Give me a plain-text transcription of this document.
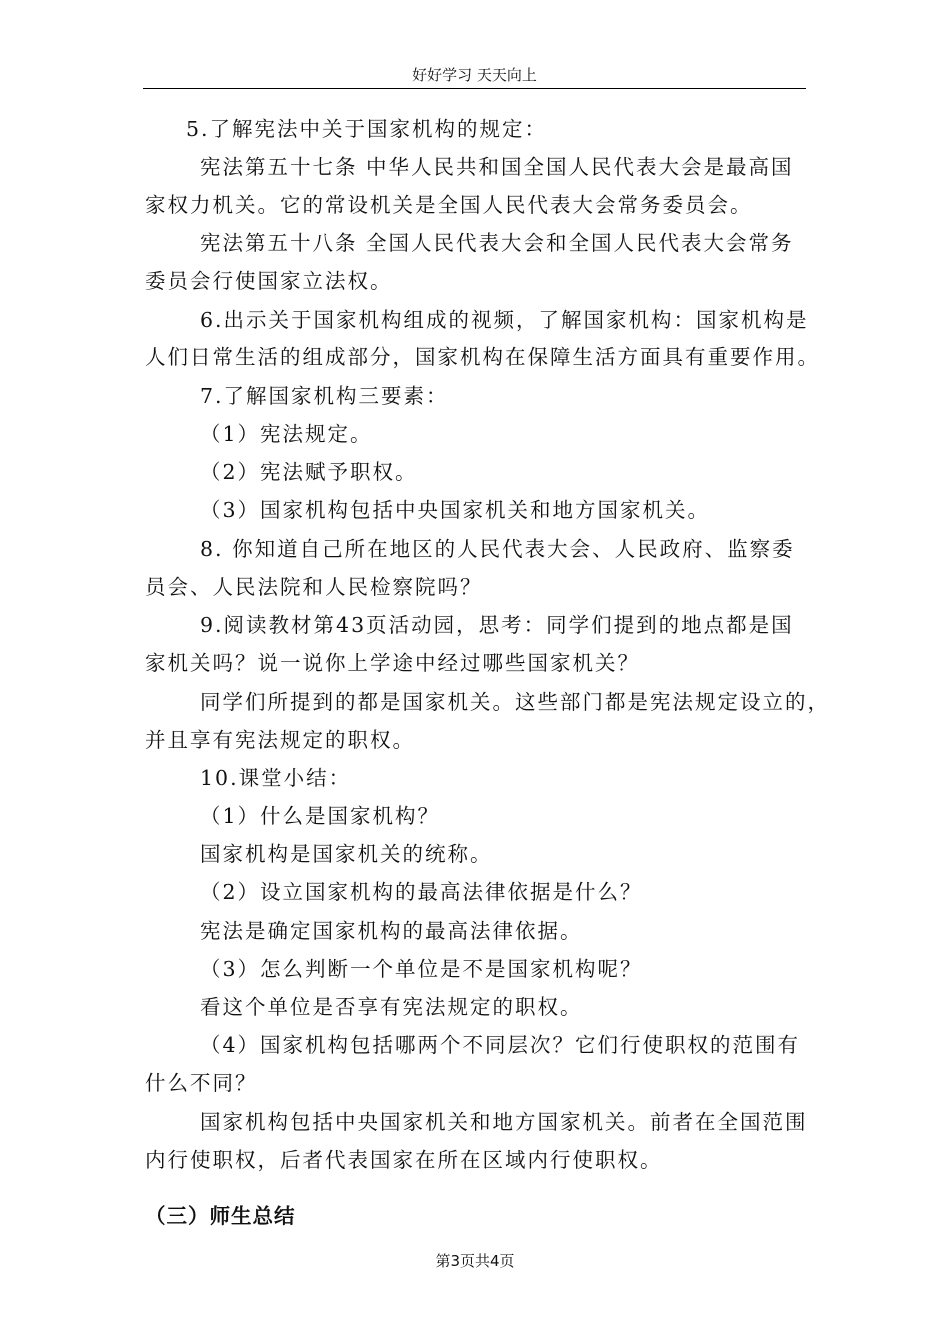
好好学习 天天向上
5.了解宪法中关于国家机构的规定：
宪法第五十七条 中华人民共和国全国人民代表大会是最高国
家权力机关。它的常设机关是全国人民代表大会常务委员会。
宪法第五十八条 全国人民代表大会和全国人民代表大会常务
委员会行使国家立法权。
6.出示关于国家机构组成的视频，了解国家机构：国家机构是
人们日常生活的组成部分，国家机构在保障生活方面具有重要作用。
7.了解国家机构三要素：
（1）宪法规定。
（2）宪法赋予职权。
（3）国家机构包括中央国家机关和地方国家机关。
8. 你知道自己所在地区的人民代表大会、人民政府、监察委
员会、人民法院和人民检察院吗？
9.阅读教材第43页活动园，思考：同学们提到的地点都是国
家机关吗？说一说你上学途中经过哪些国家机关？
同学们所提到的都是国家机关。这些部门都是宪法规定设立的，
并且享有宪法规定的职权。
10.课堂小结：
（1）什么是国家机构？
国家机构是国家机关的统称。
（2）设立国家机构的最高法律依据是什么？
宪法是确定国家机构的最高法律依据。
（3）怎么判断一个单位是不是国家机构呢？
看这个单位是否享有宪法规定的职权。
（4）国家机构包括哪两个不同层次？它们行使职权的范围有
什么不同？
国家机构包括中央国家机关和地方国家机关。前者在全国范围
内行使职权，后者代表国家在所在区域内行使职权。
（三）师生总结
第3页共4页
